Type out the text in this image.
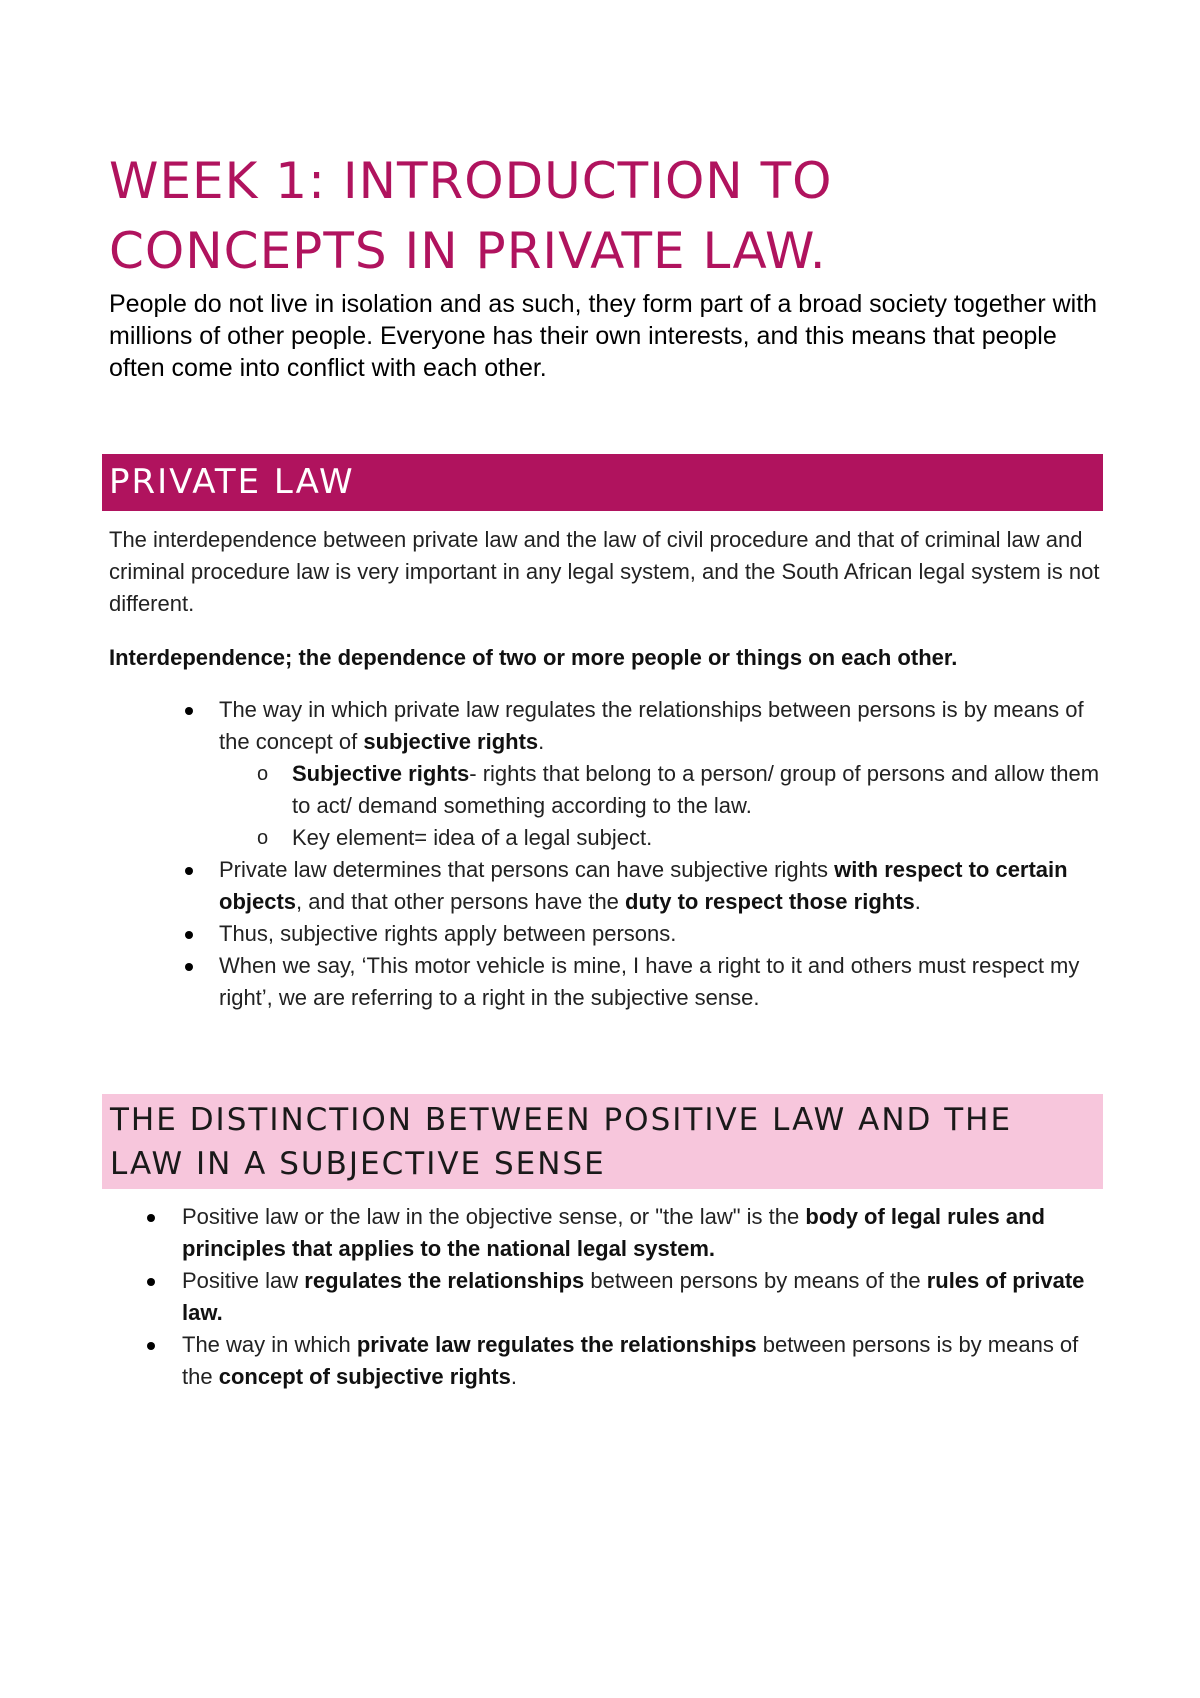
WEEK 1: INTRODUCTION TO CONCEPTS IN PRIVATE LAW.

People do not live in isolation and as such, they form part of a broad society together with millions of other people. Everyone has their own interests, and this means that people often come into conflict with each other.

PRIVATE LAW

The interdependence between private law and the law of civil procedure and that of criminal law and criminal procedure law is very important in any legal system, and the South African legal system is not different.

Interdependence; the dependence of two or more people or things on each other.

The way in which private law regulates the relationships between persons is by means of the concept of subjective rights.
o Subjective rights- rights that belong to a person/ group of persons and allow them to act/ demand something according to the law.
o Key element= idea of a legal subject.
Private law determines that persons can have subjective rights with respect to certain objects, and that other persons have the duty to respect those rights.
Thus, subjective rights apply between persons.
When we say, ‘This motor vehicle is mine, I have a right to it and others must respect my right’, we are referring to a right in the subjective sense.
THE DISTINCTION BETWEEN POSITIVE LAW AND THE LAW IN A SUBJECTIVE SENSE
Positive law or the law in the objective sense, or "the law" is the body of legal rules and principles that applies to the national legal system.
Positive law regulates the relationships between persons by means of the rules of private law.
The way in which private law regulates the relationships between persons is by means of the concept of subjective rights.
